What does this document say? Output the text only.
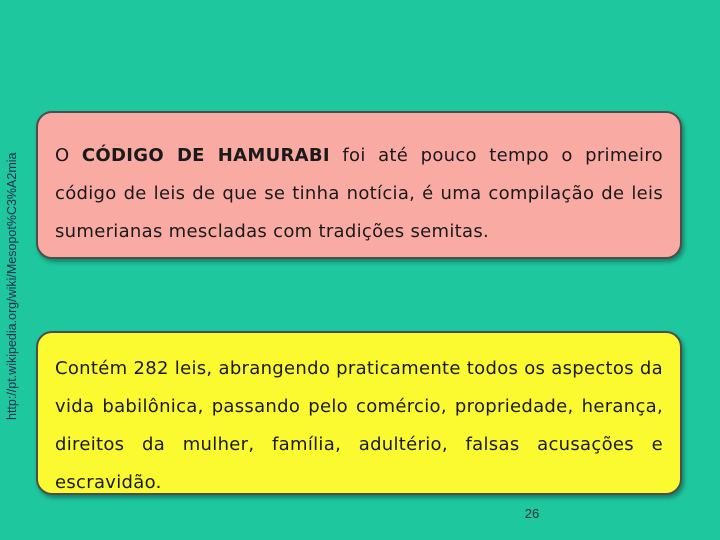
http://pt.wikipedia.org/wiki/Mesopot%C3%A2mia O CÓDIGO DE HAMURABI foi até pouco tempo o primeiro código de leis de que se tinha notícia, é uma compilação de leis sumerianas mescladas com tradições semitas.
Contém 282 leis, abrangendo praticamente todos os aspectos da vida babilônica, passando pelo comércio, propriedade, herança, direitos da mulher, família, adultério, falsas acusações e escravidão.
26
